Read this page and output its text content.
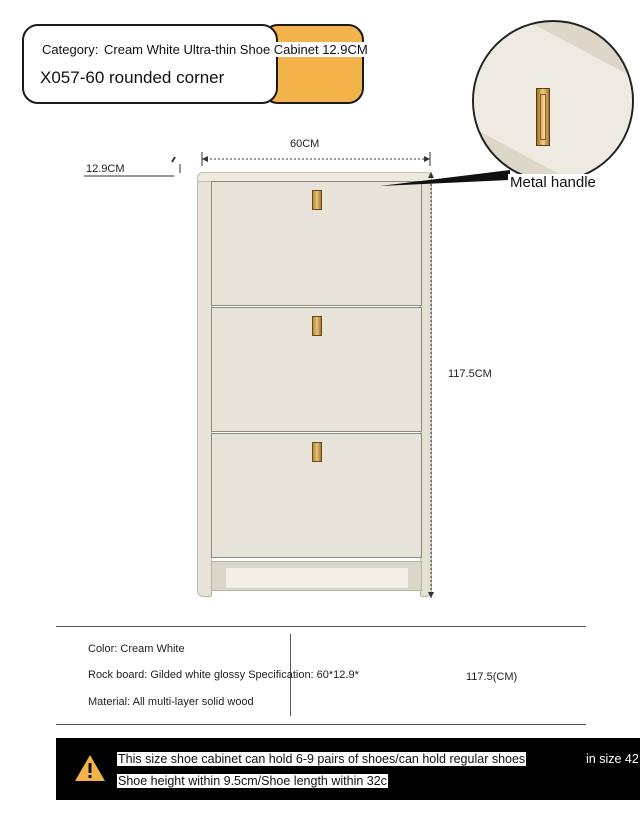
Category: Cream White Ultra-thin Shoe Cabinet 12.9CM
X057-60 rounded corner
60CM
12.9CM
117.5CM
Metal handle
Color: Cream White
Rock board: Gilded white glossy Specification: 60*12.9*	117.5(CM)
Material: All multi-layer solid wood
This size shoe cabinet can hold 6-9 pairs of shoes/can hold regular shoes	in size 42
Shoe height within 9.5cm/Shoe length within 32c
